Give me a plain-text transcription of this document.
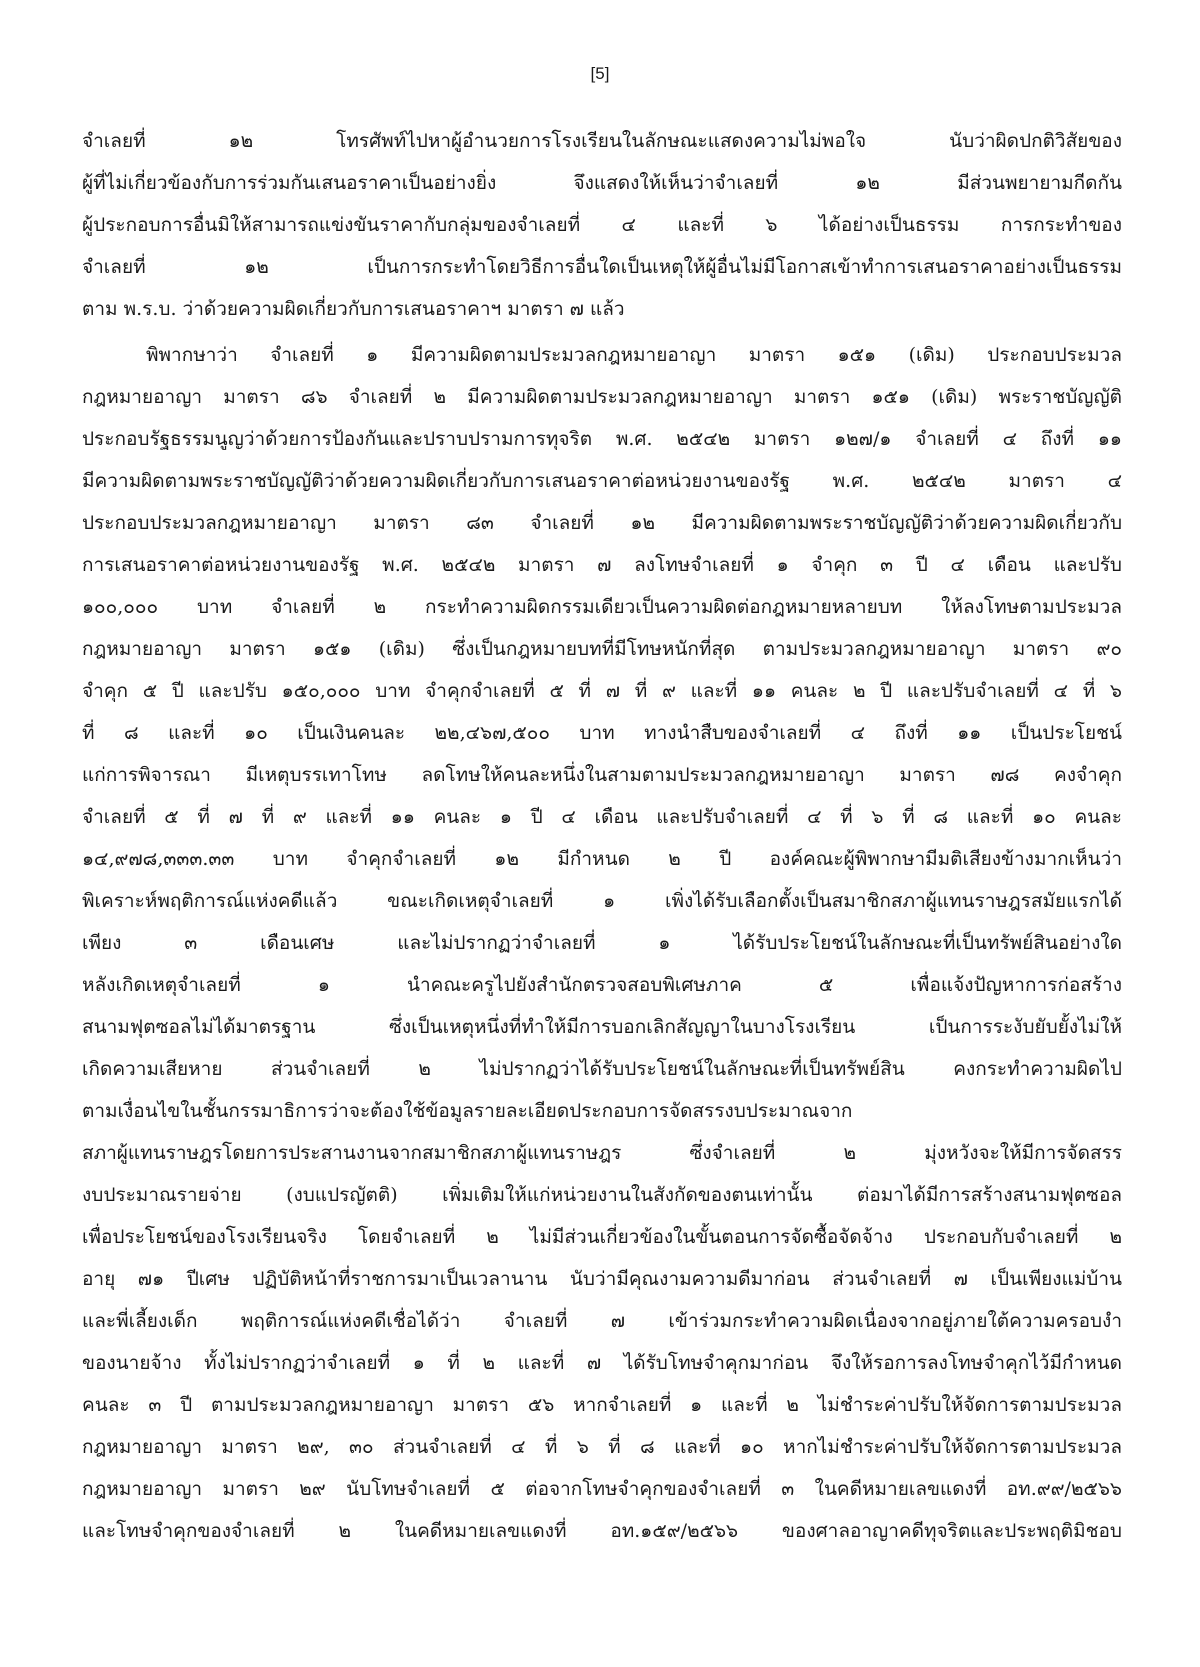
[5]
จำเลยที่ ๑๒ โทรศัพท์ไปหาผู้อำนวยการโรงเรียนในลักษณะแสดงความไม่พอใจ นับว่าผิดปกติวิสัยของ
ผู้ที่ไม่เกี่ยวข้องกับการร่วมกันเสนอราคาเป็นอย่างยิ่ง จึงแสดงให้เห็นว่าจำเลยที่ ๑๒ มีส่วนพยายามกีดกัน
ผู้ประกอบการอื่นมิให้สามารถแข่งขันราคากับกลุ่มของจำเลยที่ ๔ และที่ ๖ ได้อย่างเป็นธรรม การกระทำของ
จำเลยที่ ๑๒ เป็นการกระทำโดยวิธีการอื่นใดเป็นเหตุให้ผู้อื่นไม่มีโอกาสเข้าทำการเสนอราคาอย่างเป็นธรรม
ตาม พ.ร.บ. ว่าด้วยความผิดเกี่ยวกับการเสนอราคาฯ มาตรา ๗ แล้ว
พิพากษาว่า จำเลยที่ ๑ มีความผิดตามประมวลกฎหมายอาญา มาตรา ๑๕๑ (เดิม) ประกอบประมวล
กฎหมายอาญา มาตรา ๘๖ จำเลยที่ ๒ มีความผิดตามประมวลกฎหมายอาญา มาตรา ๑๕๑ (เดิม) พระราชบัญญัติ
ประกอบรัฐธรรมนูญว่าด้วยการป้องกันและปราบปรามการทุจริต พ.ศ. ๒๕๔๒ มาตรา ๑๒๗/๑ จำเลยที่ ๔ ถึงที่ ๑๑
มีความผิดตามพระราชบัญญัติว่าด้วยความผิดเกี่ยวกับการเสนอราคาต่อหน่วยงานของรัฐ พ.ศ. ๒๕๔๒ มาตรา ๔
ประกอบประมวลกฎหมายอาญา มาตรา ๘๓ จำเลยที่ ๑๒ มีความผิดตามพระราชบัญญัติว่าด้วยความผิดเกี่ยวกับ
การเสนอราคาต่อหน่วยงานของรัฐ พ.ศ. ๒๕๔๒ มาตรา ๗ ลงโทษจำเลยที่ ๑ จำคุก ๓ ปี ๔ เดือน และปรับ
๑๐๐,๐๐๐ บาท จำเลยที่ ๒ กระทำความผิดกรรมเดียวเป็นความผิดต่อกฎหมายหลายบท ให้ลงโทษตามประมวล
กฎหมายอาญา มาตรา ๑๕๑ (เดิม) ซึ่งเป็นกฎหมายบทที่มีโทษหนักที่สุด ตามประมวลกฎหมายอาญา มาตรา ๙๐
จำคุก ๕ ปี และปรับ ๑๕๐,๐๐๐ บาท จำคุกจำเลยที่ ๕ ที่ ๗ ที่ ๙ และที่ ๑๑ คนละ ๒ ปี และปรับจำเลยที่ ๔ ที่ ๖
ที่ ๘ และที่ ๑๐ เป็นเงินคนละ ๒๒,๔๖๗,๕๐๐ บาท ทางนำสืบของจำเลยที่ ๔ ถึงที่ ๑๑ เป็นประโยชน์
แก่การพิจารณา มีเหตุบรรเทาโทษ ลดโทษให้คนละหนึ่งในสามตามประมวลกฎหมายอาญา มาตรา ๗๘ คงจำคุก
จำเลยที่ ๕ ที่ ๗ ที่ ๙ และที่ ๑๑ คนละ ๑ ปี ๔ เดือน และปรับจำเลยที่ ๔ ที่ ๖ ที่ ๘ และที่ ๑๐ คนละ
๑๔,๙๗๘,๓๓๓.๓๓ บาท จำคุกจำเลยที่ ๑๒ มีกำหนด ๒ ปี องค์คณะผู้พิพากษามีมติเสียงข้างมากเห็นว่า
พิเคราะห์พฤติการณ์แห่งคดีแล้ว ขณะเกิดเหตุจำเลยที่ ๑ เพิ่งได้รับเลือกตั้งเป็นสมาชิกสภาผู้แทนราษฎรสมัยแรกได้
เพียง ๓ เดือนเศษ และไม่ปรากฏว่าจำเลยที่ ๑ ได้รับประโยชน์ในลักษณะที่เป็นทรัพย์สินอย่างใด
หลังเกิดเหตุจำเลยที่ ๑ นำคณะครูไปยังสำนักตรวจสอบพิเศษภาค ๕ เพื่อแจ้งปัญหาการก่อสร้าง
สนามฟุตซอลไม่ได้มาตรฐาน ซึ่งเป็นเหตุหนึ่งที่ทำให้มีการบอกเลิกสัญญาในบางโรงเรียน เป็นการระงับยับยั้งไม่ให้
เกิดความเสียหาย ส่วนจำเลยที่ ๒ ไม่ปรากฏว่าได้รับประโยชน์ในลักษณะที่เป็นทรัพย์สิน คงกระทำความผิดไป
ตามเงื่อนไขในชั้นกรรมาธิการว่าจะต้องใช้ข้อมูลรายละเอียดประกอบการจัดสรรงบประมาณจาก
สภาผู้แทนราษฎรโดยการประสานงานจากสมาชิกสภาผู้แทนราษฎร ซึ่งจำเลยที่ ๒ มุ่งหวังจะให้มีการจัดสรร
งบประมาณรายจ่าย (งบแปรญัตติ) เพิ่มเติมให้แก่หน่วยงานในสังกัดของตนเท่านั้น ต่อมาได้มีการสร้างสนามฟุตซอล
เพื่อประโยชน์ของโรงเรียนจริง โดยจำเลยที่ ๒ ไม่มีส่วนเกี่ยวข้องในขั้นตอนการจัดซื้อจัดจ้าง ประกอบกับจำเลยที่ ๒
อายุ ๗๑ ปีเศษ ปฏิบัติหน้าที่ราชการมาเป็นเวลานาน นับว่ามีคุณงามความดีมาก่อน ส่วนจำเลยที่ ๗ เป็นเพียงแม่บ้าน
และพี่เลี้ยงเด็ก พฤติการณ์แห่งคดีเชื่อได้ว่า จำเลยที่ ๗ เข้าร่วมกระทำความผิดเนื่องจากอยู่ภายใต้ความครอบงำ
ของนายจ้าง ทั้งไม่ปรากฏว่าจำเลยที่ ๑ ที่ ๒ และที่ ๗ ได้รับโทษจำคุกมาก่อน จึงให้รอการลงโทษจำคุกไว้มีกำหนด
คนละ ๓ ปี ตามประมวลกฎหมายอาญา มาตรา ๕๖ หากจำเลยที่ ๑ และที่ ๒ ไม่ชำระค่าปรับให้จัดการตามประมวล
กฎหมายอาญา มาตรา ๒๙, ๓๐ ส่วนจำเลยที่ ๔ ที่ ๖ ที่ ๘ และที่ ๑๐ หากไม่ชำระค่าปรับให้จัดการตามประมวล
กฎหมายอาญา มาตรา ๒๙ นับโทษจำเลยที่ ๕ ต่อจากโทษจำคุกของจำเลยที่ ๓ ในคดีหมายเลขแดงที่ อท.๙๙/๒๕๖๖
และโทษจำคุกของจำเลยที่ ๒ ในคดีหมายเลขแดงที่ อท.๑๕๙/๒๕๖๖ ของศาลอาญาคดีทุจริตและประพฤติมิชอบ
